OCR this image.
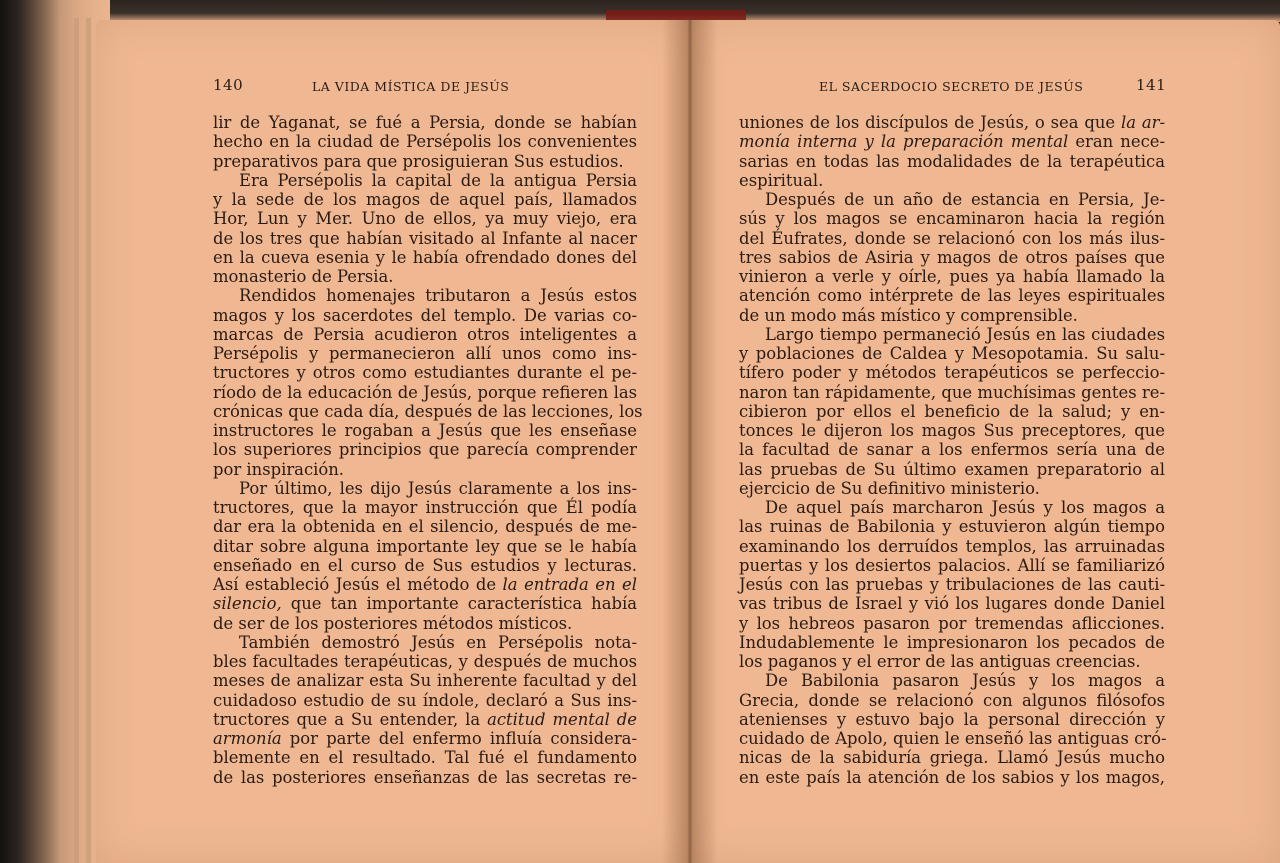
140	LA VIDA MÍSTICA DE JESÚS	EL SACERDOCIO SECRETO DE JESÚS	141
lir de Yaganat, se fué a Persia, donde se habían
hecho en la ciudad de Persépolis los convenientes
preparativos para que prosiguieran Sus estudios.
Era Persépolis la capital de la antigua Persia
y la sede de los magos de aquel país, llamados
Hor, Lun y Mer. Uno de ellos, ya muy viejo, era
de los tres que habían visitado al Infante al nacer
en la cueva esenia y le había ofrendado dones del
monasterio de Persia.
Rendidos homenajes tributaron a Jesús estos
magos y los sacerdotes del templo. De varias co-
marcas de Persia acudieron otros inteligentes a
Persépolis y permanecieron allí unos como ins-
tructores y otros como estudiantes durante el pe-
ríodo de la educación de Jesús, porque refieren las
crónicas que cada día, después de las lecciones, los
instructores le rogaban a Jesús que les enseñase
los superiores principios que parecía comprender
por inspiración.
Por último, les dijo Jesús claramente a los ins-
tructores, que la mayor instrucción que Él podía
dar era la obtenida en el silencio, después de me-
ditar sobre alguna importante ley que se le había
enseñado en el curso de Sus estudios y lecturas.
Así estableció Jesús el método de la entrada en el
silencio, que tan importante característica había
de ser de los posteriores métodos místicos.
También demostró Jesús en Persépolis nota-
bles facultades terapéuticas, y después de muchos
meses de analizar esta Su inherente facultad y del
cuidadoso estudio de su índole, declaró a Sus ins-
tructores que a Su entender, la actitud mental de
armonía por parte del enfermo influía considera-
blemente en el resultado. Tal fué el fundamento
de las posteriores enseñanzas de las secretas re-
uniones de los discípulos de Jesús, o sea que la ar-
monía interna y la preparación mental eran nece-
sarias en todas las modalidades de la terapéutica
espiritual.
Después de un año de estancia en Persia, Je-
sús y los magos se encaminaron hacia la región
del Éufrates, donde se relacionó con los más ilus-
tres sabios de Asiria y magos de otros países que
vinieron a verle y oírle, pues ya había llamado la
atención como intérprete de las leyes espirituales
de un modo más místico y comprensible.
Largo tiempo permaneció Jesús en las ciudades
y poblaciones de Caldea y Mesopotamia. Su salu-
tífero poder y métodos terapéuticos se perfeccio-
naron tan rápidamente, que muchísimas gentes re-
cibieron por ellos el beneficio de la salud; y en-
tonces le dijeron los magos Sus preceptores, que
la facultad de sanar a los enfermos sería una de
las pruebas de Su último examen preparatorio al
ejercicio de Su definitivo ministerio.
De aquel país marcharon Jesús y los magos a
las ruinas de Babilonia y estuvieron algún tiempo
examinando los derruídos templos, las arruinadas
puertas y los desiertos palacios. Allí se familiarizó
Jesús con las pruebas y tribulaciones de las cauti-
vas tribus de Israel y vió los lugares donde Daniel
y los hebreos pasaron por tremendas aflicciones.
Indudablemente le impresionaron los pecados de
los paganos y el error de las antiguas creencias.
De Babilonia pasaron Jesús y los magos a
Grecia, donde se relacionó con algunos filósofos
atenienses y estuvo bajo la personal dirección y
cuidado de Apolo, quien le enseñó las antiguas cró-
nicas de la sabiduría griega. Llamó Jesús mucho
en este país la atención de los sabios y los magos,
